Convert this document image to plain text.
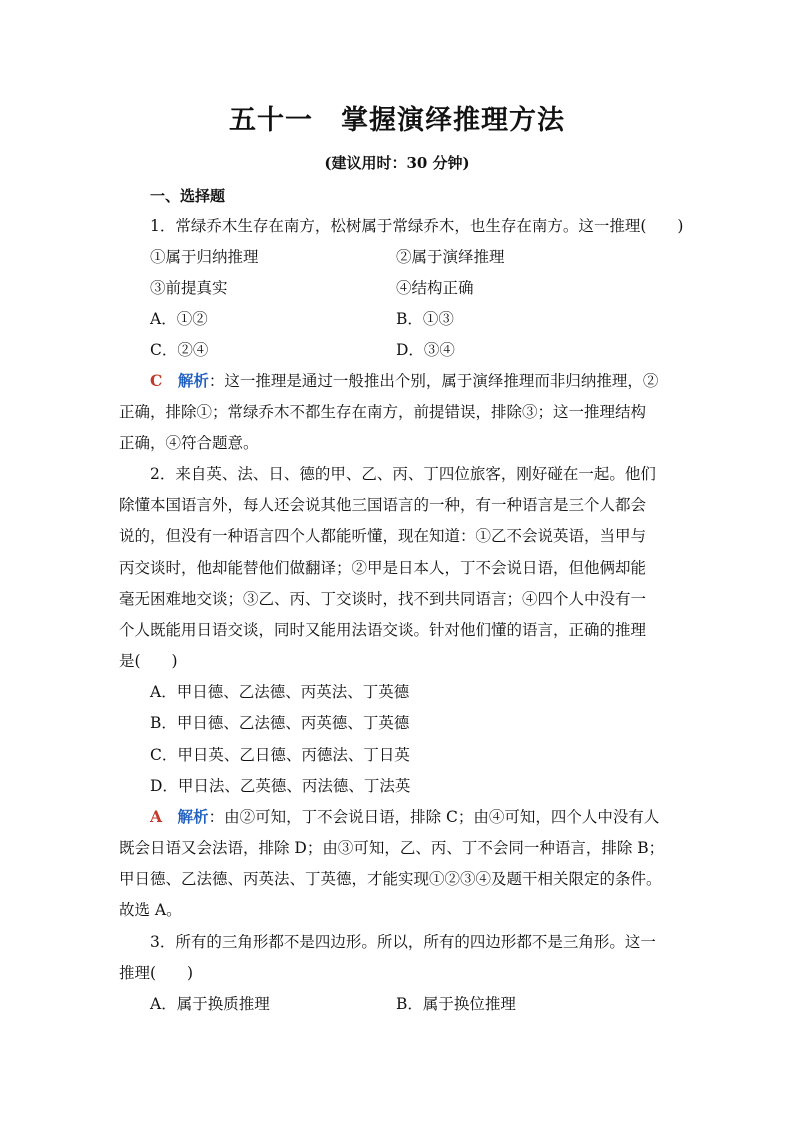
五十一　掌握演绎推理方法
(建议用时：30 分钟)
一、选择题
1．常绿乔木生存在南方，松树属于常绿乔木，也生存在南方。这一推理(　　)
①属于归纳推理	②属于演绎推理
③前提真实	④结构正确
A．①②	B．①③
C．②④	D．③④
C　 解析：这一推理是通过一般推出个别，属于演绎推理而非归纳推理，②
正确，排除①；常绿乔木不都生存在南方，前提错误，排除③；这一推理结构
正确，④符合题意。
2．来自英、法、日、德的甲、乙、丙、丁四位旅客，刚好碰在一起。他们
除懂本国语言外，每人还会说其他三国语言的一种，有一种语言是三个人都会
说的，但没有一种语言四个人都能听懂，现在知道：①乙不会说英语，当甲与
丙交谈时，他却能替他们做翻译；②甲是日本人，丁不会说日语，但他俩却能
毫无困难地交谈；③乙、丙、丁交谈时，找不到共同语言；④四个人中没有一
个人既能用日语交谈，同时又能用法语交谈。针对他们懂的语言，正确的推理
是(　　)
A．甲日德、乙法德、丙英法、丁英德
B．甲日德、乙法德、丙英德、丁英德
C．甲日英、乙日德、丙德法、丁日英
D．甲日法、乙英德、丙法德、丁法英
A　 解析：由②可知，丁不会说日语，排除 C；由④可知，四个人中没有人
既会日语又会法语，排除 D；由③可知，乙、丙、丁不会同一种语言，排除 B；
甲日德、乙法德、丙英法、丁英德，才能实现①②③④及题干相关限定的条件。
故选 A。
3．所有的三角形都不是四边形。所以，所有的四边形都不是三角形。这一
推理(　　)
A．属于换质推理	B．属于换位推理
